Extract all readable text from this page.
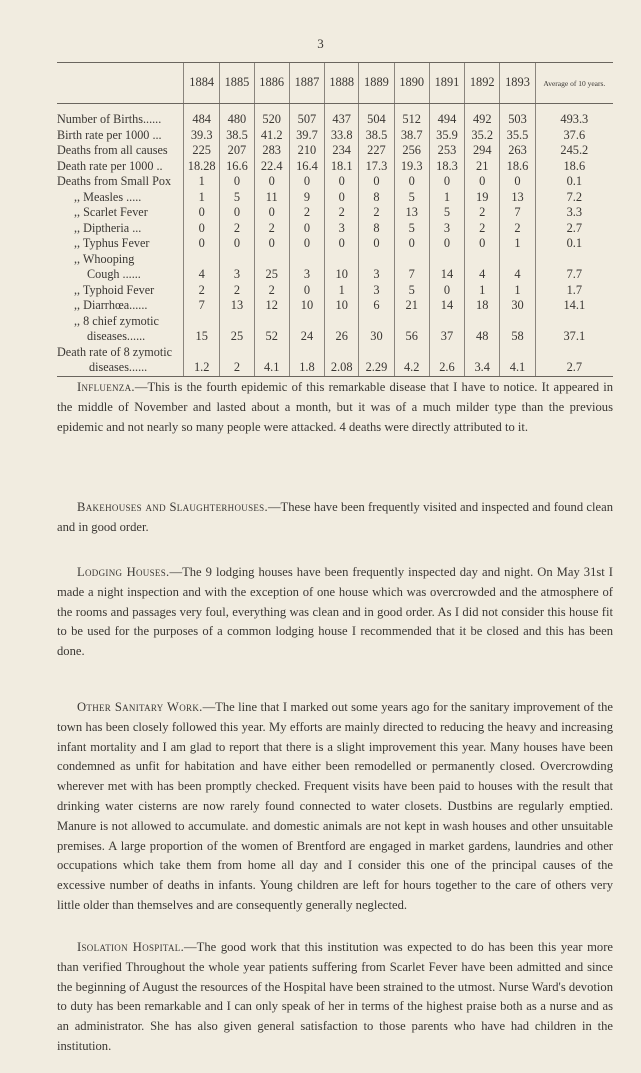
3
	1884	1885	1886	1887	1888	1889	1890	1891	1892	1893	Average of 10 years.

Number of Births......	484	480	520	507	437	504	512	494	492	503	493.3
Birth rate per 1000 ...	39.3	38.5	41.2	39.7	33.8	38.5	38.7	35.9	35.2	35.5	37.6
Deaths from all causes	225	207	283	210	234	227	256	253	294	263	245.2
Death rate per 1000 ..	18.28	16.6	22.4	16.4	18.1	17.3	19.3	18.3	21	18.6	18.6
Deaths from Small Pox	1	0	0	0	0	0	0	0	0	0	0.1
,, Measles .....	1	5	11	9	0	8	5	1	19	13	7.2
,, Scarlet Fever	0	0	0	2	2	2	13	5	2	7	3.3
,, Diptheria ...	0	2	2	0	3	8	5	3	2	2	2.7
,, Typhus Fever	0	0	0	0	0	0	0	0	0	1	0.1
,, Whooping											
Cough ......	4	3	25	3	10	3	7	14	4	4	7.7
,, Typhoid Fever	2	2	2	0	1	3	5	0	1	1	1.7
,, Diarrhœa......	7	13	12	10	10	6	21	14	18	30	14.1
,, 8 chief zymotic											
diseases......	15	25	52	24	26	30	56	37	48	58	37.1
Death rate of 8 zymotic											
diseases......	1.2	2	4.1	1.8	2.08	2.29	4.2	2.6	3.4	4.1	2.7

Influenza.—This is the fourth epidemic of this remarkable disease that I have to notice. It appeared in the middle of November and lasted about a month, but it was of a much milder type than the previous epidemic and not nearly so many people were attacked. 4 deaths were directly attributed to it.

Bakehouses and Slaughterhouses.—These have been frequently visited and inspected and found clean and in good order.

Lodging Houses.—The 9 lodging houses have been frequently inspected day and night. On May 31st I made a night inspection and with the exception of one house which was overcrowded and the atmosphere of the rooms and passages very foul, everything was clean and in good order. As I did not consider this house fit to be used for the purposes of a common lodging house I recommended that it be closed and this has been done.

Other Sanitary Work.—The line that I marked out some years ago for the sanitary improvement of the town has been closely followed this year. My efforts are mainly directed to reducing the heavy and increasing infant mortality and I am glad to report that there is a slight improvement this year. Many houses have been condemned as unfit for habitation and have either been remodelled or permanently closed. Overcrowding wherever met with has been promptly checked. Frequent visits have been paid to houses with the result that drinking water cisterns are now rarely found connected to water closets. Dustbins are regularly emptied. Manure is not allowed to accumulate. and domestic animals are not kept in wash houses and other unsuitable premises. A large proportion of the women of Brentford are engaged in market gardens, laundries and other occupations which take them from home all day and I consider this one of the principal causes of the excessive number of deaths in infants. Young children are left for hours together to the care of others very little older than themselves and are consequently generally neglected.

Isolation Hospital.—The good work that this institution was expected to do has been this year more than verified Throughout the whole year patients suffering from Scarlet Fever have been admitted and since the beginning of August the resources of the Hospital have been strained to the utmost. Nurse Ward's devotion to duty has been remarkable and I can only speak of her in terms of the highest praise both as a nurse and as an administrator. She has also given general satisfaction to those parents who have had children in the institution.
